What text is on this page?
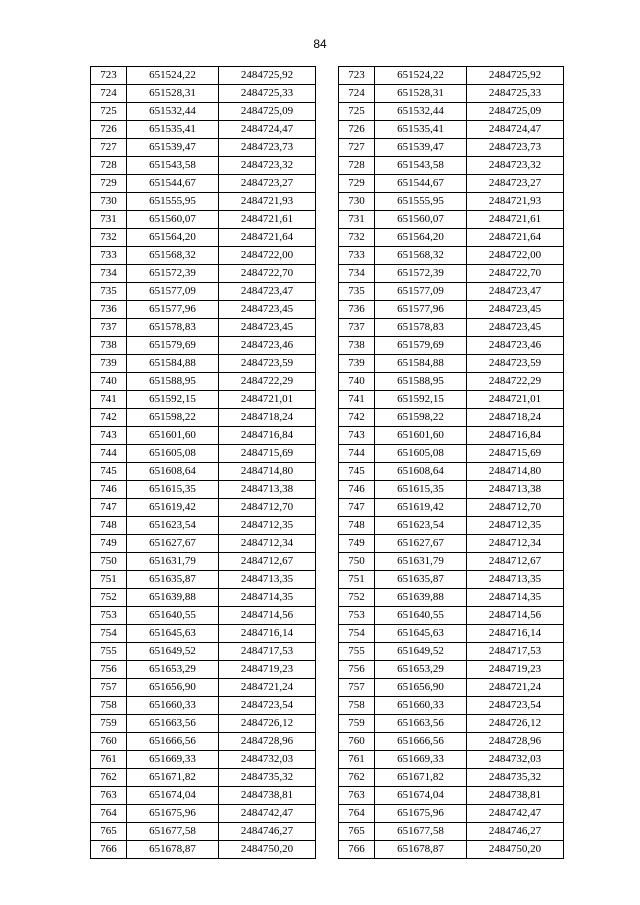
84
723	651524,22	2484725,92
724	651528,31	2484725,33
725	651532,44	2484725,09
726	651535,41	2484724,47
727	651539,47	2484723,73
728	651543,58	2484723,32
729	651544,67	2484723,27
730	651555,95	2484721,93
731	651560,07	2484721,61
732	651564,20	2484721,64
733	651568,32	2484722,00
734	651572,39	2484722,70
735	651577,09	2484723,47
736	651577,96	2484723,45
737	651578,83	2484723,45
738	651579,69	2484723,46
739	651584,88	2484723,59
740	651588,95	2484722,29
741	651592,15	2484721,01
742	651598,22	2484718,24
743	651601,60	2484716,84
744	651605,08	2484715,69
745	651608,64	2484714,80
746	651615,35	2484713,38
747	651619,42	2484712,70
748	651623,54	2484712,35
749	651627,67	2484712,34
750	651631,79	2484712,67
751	651635,87	2484713,35
752	651639,88	2484714,35
753	651640,55	2484714,56
754	651645,63	2484716,14
755	651649,52	2484717,53
756	651653,29	2484719,23
757	651656,90	2484721,24
758	651660,33	2484723,54
759	651663,56	2484726,12
760	651666,56	2484728,96
761	651669,33	2484732,03
762	651671,82	2484735,32
763	651674,04	2484738,81
764	651675,96	2484742,47
765	651677,58	2484746,27
766	651678,87	2484750,20
723	651524,22	2484725,92
724	651528,31	2484725,33
725	651532,44	2484725,09
726	651535,41	2484724,47
727	651539,47	2484723,73
728	651543,58	2484723,32
729	651544,67	2484723,27
730	651555,95	2484721,93
731	651560,07	2484721,61
732	651564,20	2484721,64
733	651568,32	2484722,00
734	651572,39	2484722,70
735	651577,09	2484723,47
736	651577,96	2484723,45
737	651578,83	2484723,45
738	651579,69	2484723,46
739	651584,88	2484723,59
740	651588,95	2484722,29
741	651592,15	2484721,01
742	651598,22	2484718,24
743	651601,60	2484716,84
744	651605,08	2484715,69
745	651608,64	2484714,80
746	651615,35	2484713,38
747	651619,42	2484712,70
748	651623,54	2484712,35
749	651627,67	2484712,34
750	651631,79	2484712,67
751	651635,87	2484713,35
752	651639,88	2484714,35
753	651640,55	2484714,56
754	651645,63	2484716,14
755	651649,52	2484717,53
756	651653,29	2484719,23
757	651656,90	2484721,24
758	651660,33	2484723,54
759	651663,56	2484726,12
760	651666,56	2484728,96
761	651669,33	2484732,03
762	651671,82	2484735,32
763	651674,04	2484738,81
764	651675,96	2484742,47
765	651677,58	2484746,27
766	651678,87	2484750,20
